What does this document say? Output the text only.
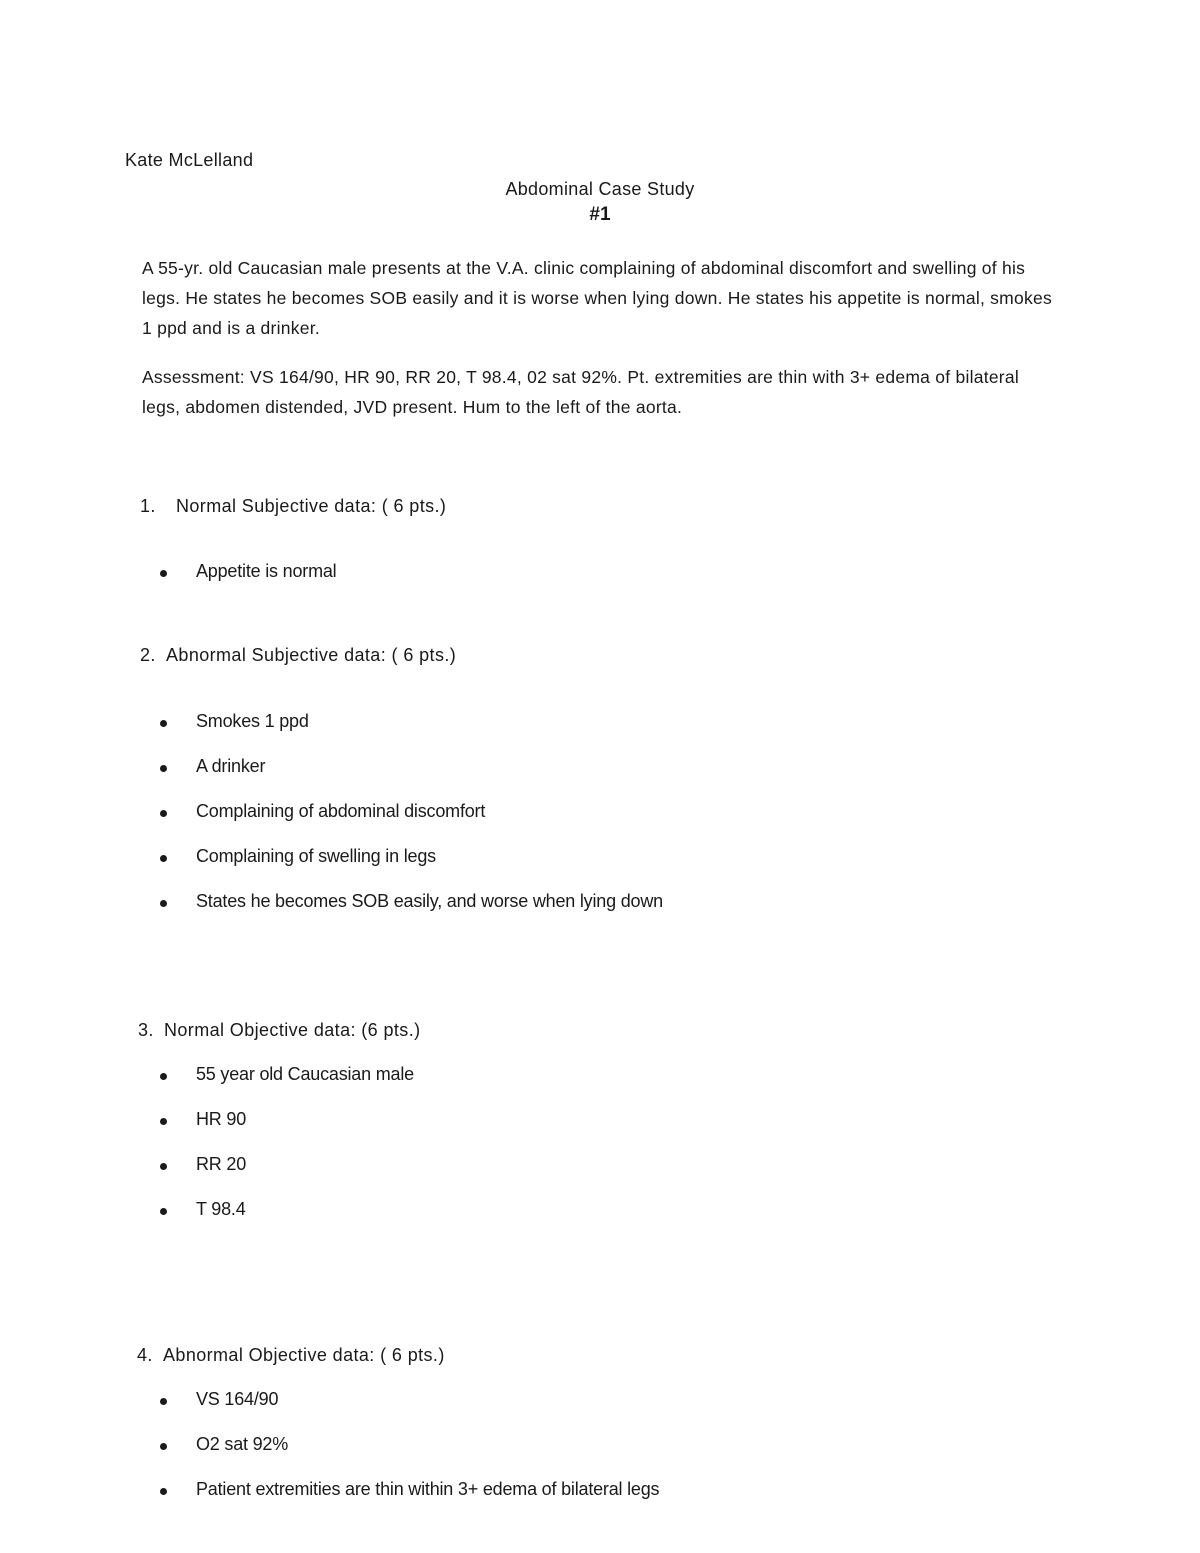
Kate McLelland
Abdominal Case Study
#1
A 55-yr. old Caucasian male presents at the V.A. clinic complaining of abdominal discomfort and swelling of his legs. He states he becomes SOB easily and it is worse when lying down. He states his appetite is normal, smokes 1 ppd and is a drinker.
Assessment: VS 164/90, HR 90, RR 20, T 98.4, 02 sat 92%. Pt. extremities are thin with 3+ edema of bilateral legs, abdomen distended, JVD present. Hum to the left of the aorta.
1. Normal Subjective data: ( 6 pts.)
Appetite is normal
2. Abnormal Subjective data: ( 6 pts.)
Smokes 1 ppd
A drinker
Complaining of abdominal discomfort
Complaining of swelling in legs
States he becomes SOB easily, and worse when lying down
3. Normal Objective data: (6 pts.)
55 year old Caucasian male
HR 90
RR 20
T 98.4
4. Abnormal Objective data: ( 6 pts.)
VS 164/90
O2 sat 92%
Patient extremities are thin within 3+ edema of bilateral legs
